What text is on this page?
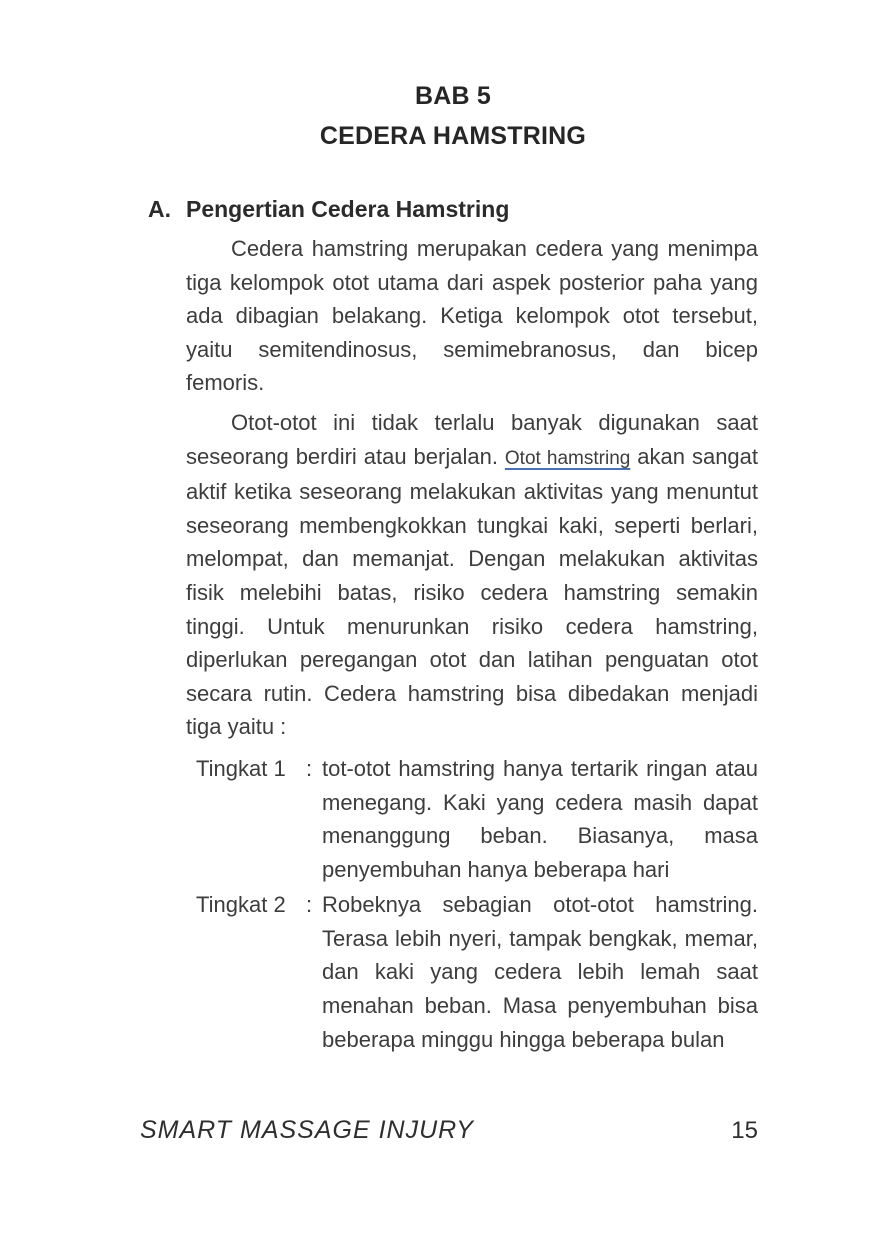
BAB 5
CEDERA HAMSTRING
A. Pengertian Cedera Hamstring

Cedera hamstring merupakan cedera yang menimpa tiga kelompok otot utama dari aspek posterior paha yang ada dibagian belakang. Ketiga kelompok otot tersebut, yaitu semitendinosus, semimebranosus, dan bicep femoris.

Otot-otot ini tidak terlalu banyak digunakan saat seseorang berdiri atau berjalan. Otot hamstring akan sangat aktif ketika seseorang melakukan aktivitas yang menuntut seseorang membengkokkan tungkai kaki, seperti berlari, melompat, dan memanjat. Dengan melakukan aktivitas fisik melebihi batas, risiko cedera hamstring semakin tinggi. Untuk menurunkan risiko cedera hamstring, diperlukan peregangan otot dan latihan penguatan otot secara rutin. Cedera hamstring bisa dibedakan menjadi tiga yaitu :

Tingkat 1 : tot-otot hamstring hanya tertarik ringan atau menegang. Kaki yang cedera masih dapat menanggung beban. Biasanya, masa penyembuhan hanya beberapa hari
Tingkat 2 : Robeknya sebagian otot-otot hamstring. Terasa lebih nyeri, tampak bengkak, memar, dan kaki yang cedera lebih lemah saat menahan beban. Masa penyembuhan bisa beberapa minggu hingga beberapa bulan
SMART MASSAGE INJURY	15
